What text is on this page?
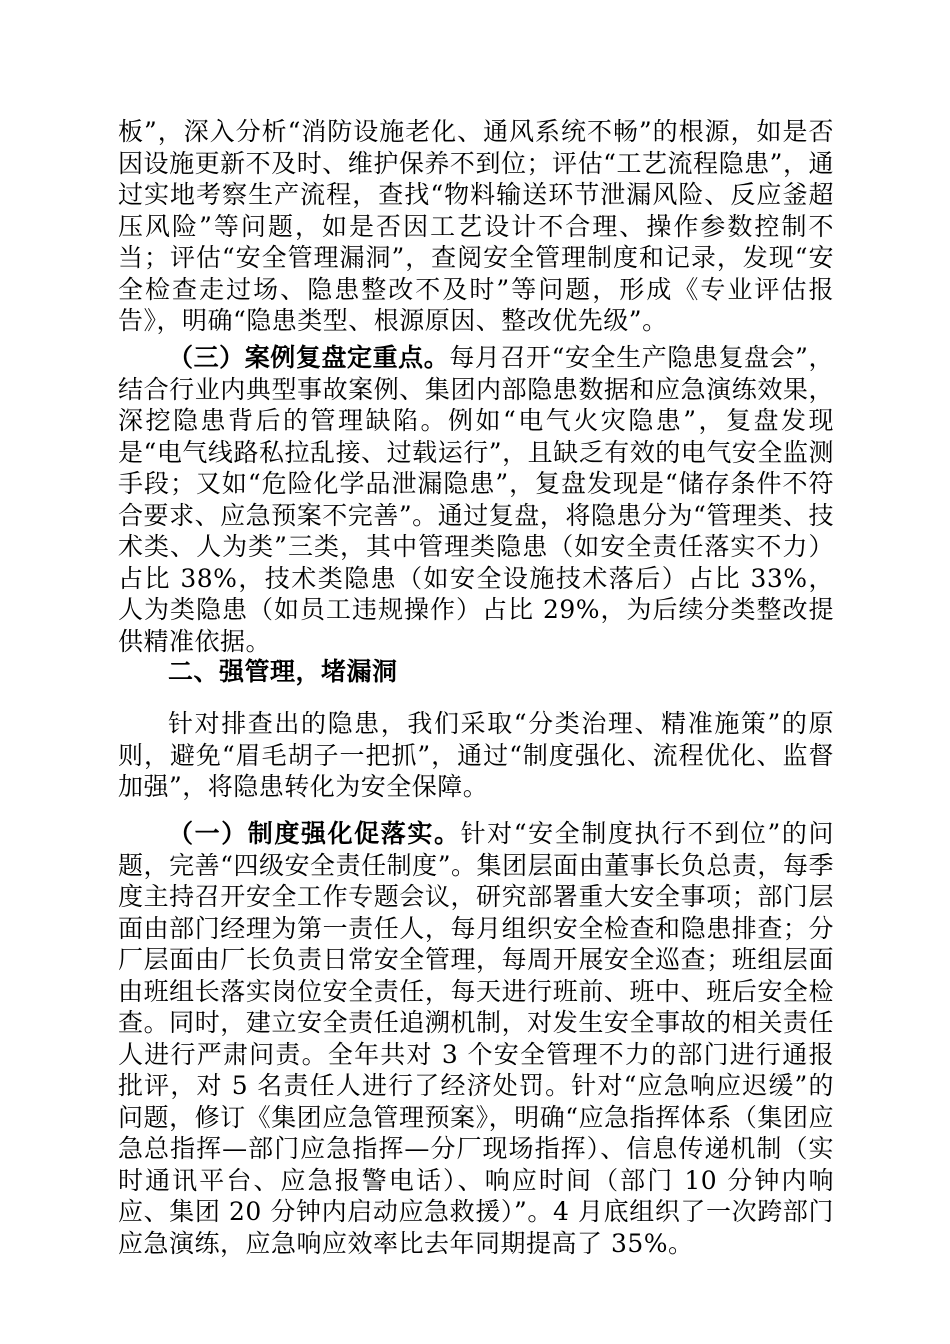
板”，深入分析“消防设施老化、通风系统不畅”的根源，如是否因设施更新不及时、维护保养不到位；评估“工艺流程隐患”，通过实地考察生产流程，查找“物料输送环节泄漏风险、反应釜超压风险”等问题，如是否因工艺设计不合理、操作参数控制不当；评估“安全管理漏洞”，查阅安全管理制度和记录，发现“安全检查走过场、隐患整改不及时”等问题，形成《专业评估报告》，明确“隐患类型、根源原因、整改优先级”。

（三）案例复盘定重点。每月召开“安全生产隐患复盘会”，结合行业内典型事故案例、集团内部隐患数据和应急演练效果，深挖隐患背后的管理缺陷。例如“电气火灾隐患”，复盘发现是“电气线路私拉乱接、过载运行”，且缺乏有效的电气安全监测手段；又如“危险化学品泄漏隐患”，复盘发现是“储存条件不符合要求、应急预案不完善”。通过复盘，将隐患分为“管理类、技术类、人为类”三类，其中管理类隐患（如安全责任落实不力）占比 38%，技术类隐患（如安全设施技术落后）占比 33%，人为类隐患（如员工违规操作）占比 29%，为后续分类整改提供精准依据。

二、强管理，堵漏洞

针对排查出的隐患，我们采取“分类治理、精准施策”的原则，避免“眉毛胡子一把抓”，通过“制度强化、流程优化、监督加强”，将隐患转化为安全保障。

（一）制度强化促落实。针对“安全制度执行不到位”的问题，完善“四级安全责任制度”。集团层面由董事长负总责，每季度主持召开安全工作专题会议，研究部署重大安全事项；部门层面由部门经理为第一责任人，每月组织安全检查和隐患排查；分厂层面由厂长负责日常安全管理，每周开展安全巡查；班组层面由班组长落实岗位安全责任，每天进行班前、班中、班后安全检查。同时，建立安全责任追溯机制，对发生安全事故的相关责任人进行严肃问责。全年共对 3 个安全管理不力的部门进行通报批评，对 5 名责任人进行了经济处罚。针对“应急响应迟缓”的问题，修订《集团应急管理预案》，明确“应急指挥体系（集团应急总指挥—部门应急指挥—分厂现场指挥）、信息传递机制（实时通讯平台、应急报警电话）、响应时间（部门 10 分钟内响应、集团 20 分钟内启动应急救援）”。4 月底组织了一次跨部门应急演练，应急响应效率比去年同期提高了 35%。
